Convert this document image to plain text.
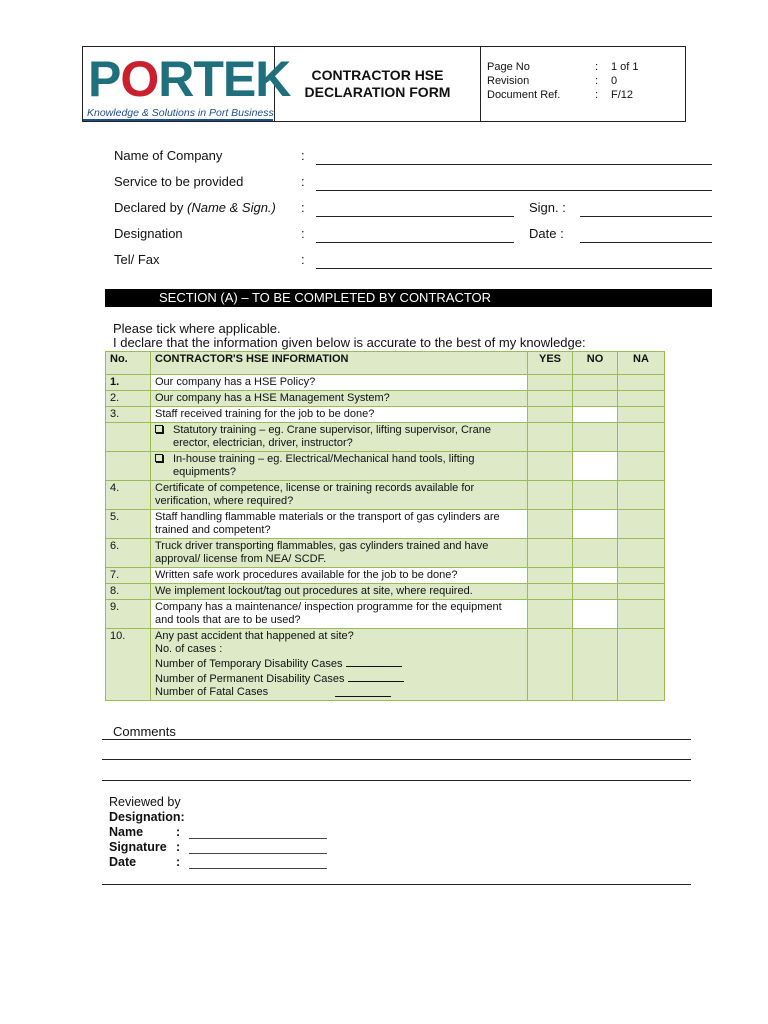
PORTEK
Knowledge & Solutions in Port Business
CONTRACTOR HSE
DECLARATION FORM
Page No	: 1 of 1
Revision	: 0
Document Ref.	: F/12
Name of Company	:
Service to be provided	:
Declared by (Name & Sign.) :	Sign. :
Designation	:	Date :
Tel/ Fax	:
SECTION (A) – TO BE COMPLETED BY CONTRACTOR
Please tick where applicable.
I declare that the information given below is accurate to the best of my knowledge:
No.	CONTRACTOR'S HSE INFORMATION	YES	NO	NA
1.	Our company has a HSE Policy?			
2.	Our company has a HSE Management System?			
3.	Staff received training for the job to be done?			

Statutory training – eg. Crane supervisor, lifting supervisor, Crane erector, electrician, driver, instructor?			

In-house training – eg. Electrical/Mechanical hand tools, lifting equipments?			
4.	Certificate of competence, license or training records available for verification, where required?			
5.	Staff handling flammable materials or the transport of gas cylinders are trained and competent?			
6.	Truck driver transporting flammables, gas cylinders trained and have approval/ license from NEA/ SCDF.			
7.	Written safe work procedures available for the job to be done?			
8.	We implement lockout/tag out procedures at site, where required.			
9.	Company has a maintenance/ inspection programme for the equipment and tools that are to be used?			
10.	Any past accident that happened at site?
No. of cases :
Number of Temporary Disability Cases
Number of Permanent Disability Cases
Number of Fatal Cases			

Comments
Reviewed by
Designation:
Name	:
Signature :
Date	:
